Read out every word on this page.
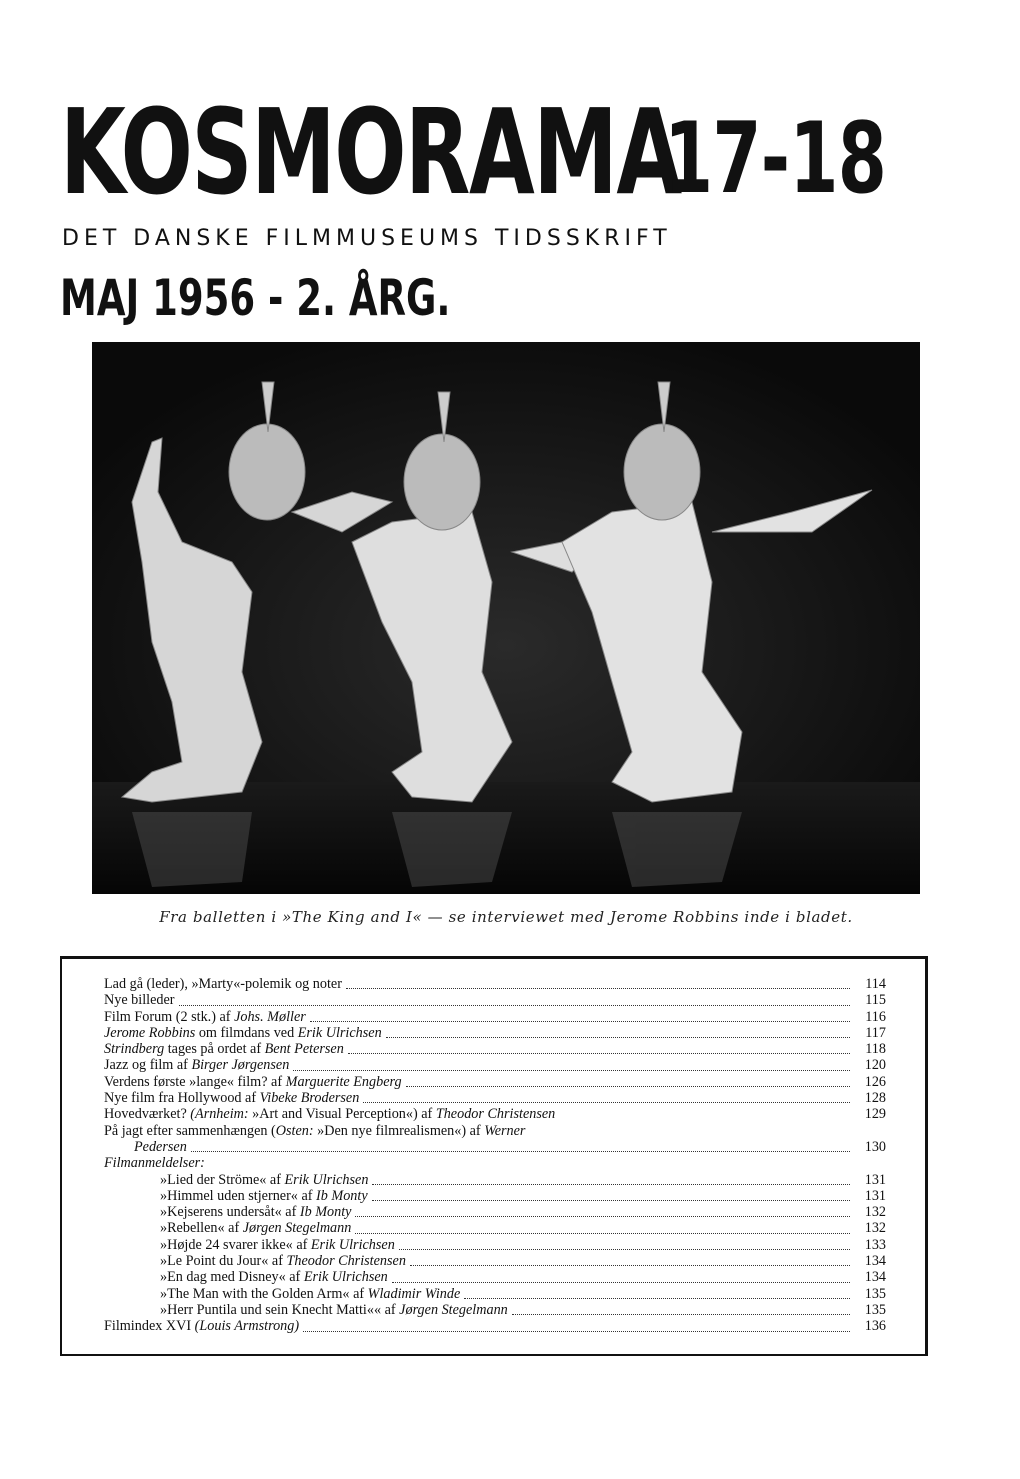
KOSMORAMA
17-18
DET DANSKE FILMMUSEUMS TIDSSKRIFT
MAJ 1956 - 2. ÅRG.
Fra balletten i »The King and I« — se interviewet med Jerome Robbins inde i bladet.
Lad gå (leder), »Marty«-polemik og noter	114
Nye billeder	115
Film Forum (2 stk.) af Johs. Møller	116
Jerome Robbins om filmdans ved Erik Ulrichsen	117
Strindberg tages på ordet af Bent Petersen	118
Jazz og film af Birger Jørgensen	120
Verdens første »lange« film? af Marguerite Engberg	126
Nye film fra Hollywood af Vibeke Brodersen	128
Hovedværket? (Arnheim: »Art and Visual Perception«) af Theodor Christensen	129
På jagt efter sammenhængen (Osten: »Den nye filmrealismen«) af Werner
Pedersen	130
Filmanmeldelser:
»Lied der Ströme« af Erik Ulrichsen	131
»Himmel uden stjerner« af Ib Monty	131
»Kejserens undersåt« af Ib Monty	132
»Rebellen« af Jørgen Stegelmann	132
»Højde 24 svarer ikke« af Erik Ulrichsen	133
»Le Point du Jour« af Theodor Christensen	134
»En dag med Disney« af Erik Ulrichsen	134
»The Man with the Golden Arm« af Wladimir Winde	135
»Herr Puntila und sein Knecht Matti«« af Jørgen Stegelmann	135
Filmindex XVI (Louis Armstrong)	136
